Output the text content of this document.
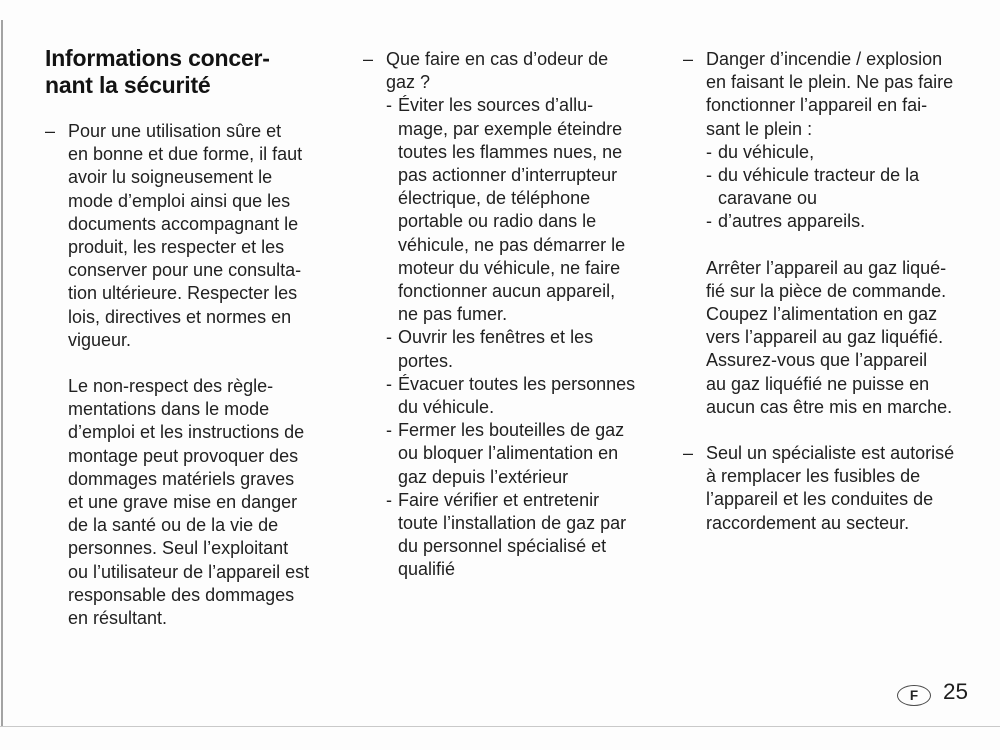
Informations concer-
nant la sécurité
– Pour une utilisation sûre et
en bonne et due forme, il faut
avoir lu soigneusement le
mode d’emploi ainsi que les
documents accompagnant le
produit, les respecter et les
conserver pour une consulta-
tion ultérieure. Respecter les
lois, directives et normes en
vigueur.
Le non-respect des règle-
mentations dans le mode
d’emploi et les instructions de
montage peut provoquer des
dommages matériels graves
et une grave mise en danger
de la santé ou de la vie de
personnes. Seul l’exploitant
ou l’utilisateur de l’appareil est
responsable des dommages
en résultant.
– Que faire en cas d’odeur de
gaz ?
- Éviter les sources d’allu-
mage, par exemple éteindre
toutes les flammes nues, ne
pas actionner d’interrupteur
électrique, de téléphone
portable ou radio dans le
véhicule, ne pas démarrer le
moteur du véhicule, ne faire
fonctionner aucun appareil,
ne pas fumer.
- Ouvrir les fenêtres et les
portes.
- Évacuer toutes les personnes
du véhicule.
- Fermer les bouteilles de gaz
ou bloquer l’alimentation en
gaz depuis l’extérieur
- Faire vérifier et entretenir
toute l’installation de gaz par
du personnel spécialisé et
qualifié
– Danger d’incendie / explosion
en faisant le plein. Ne pas faire
fonctionner l’appareil en fai-
sant le plein :
- du véhicule,
- du véhicule tracteur de la
caravane ou
- d’autres appareils.
Arrêter l’appareil au gaz liqué-
fié sur la pièce de commande.
Coupez l’alimentation en gaz
vers l’appareil au gaz liquéfié.
Assurez-vous que l’appareil
au gaz liquéfié ne puisse en
aucun cas être mis en marche.
– Seul un spécialiste est autorisé
à remplacer les fusibles de
l’appareil et les conduites de
raccordement au secteur.
F	25
